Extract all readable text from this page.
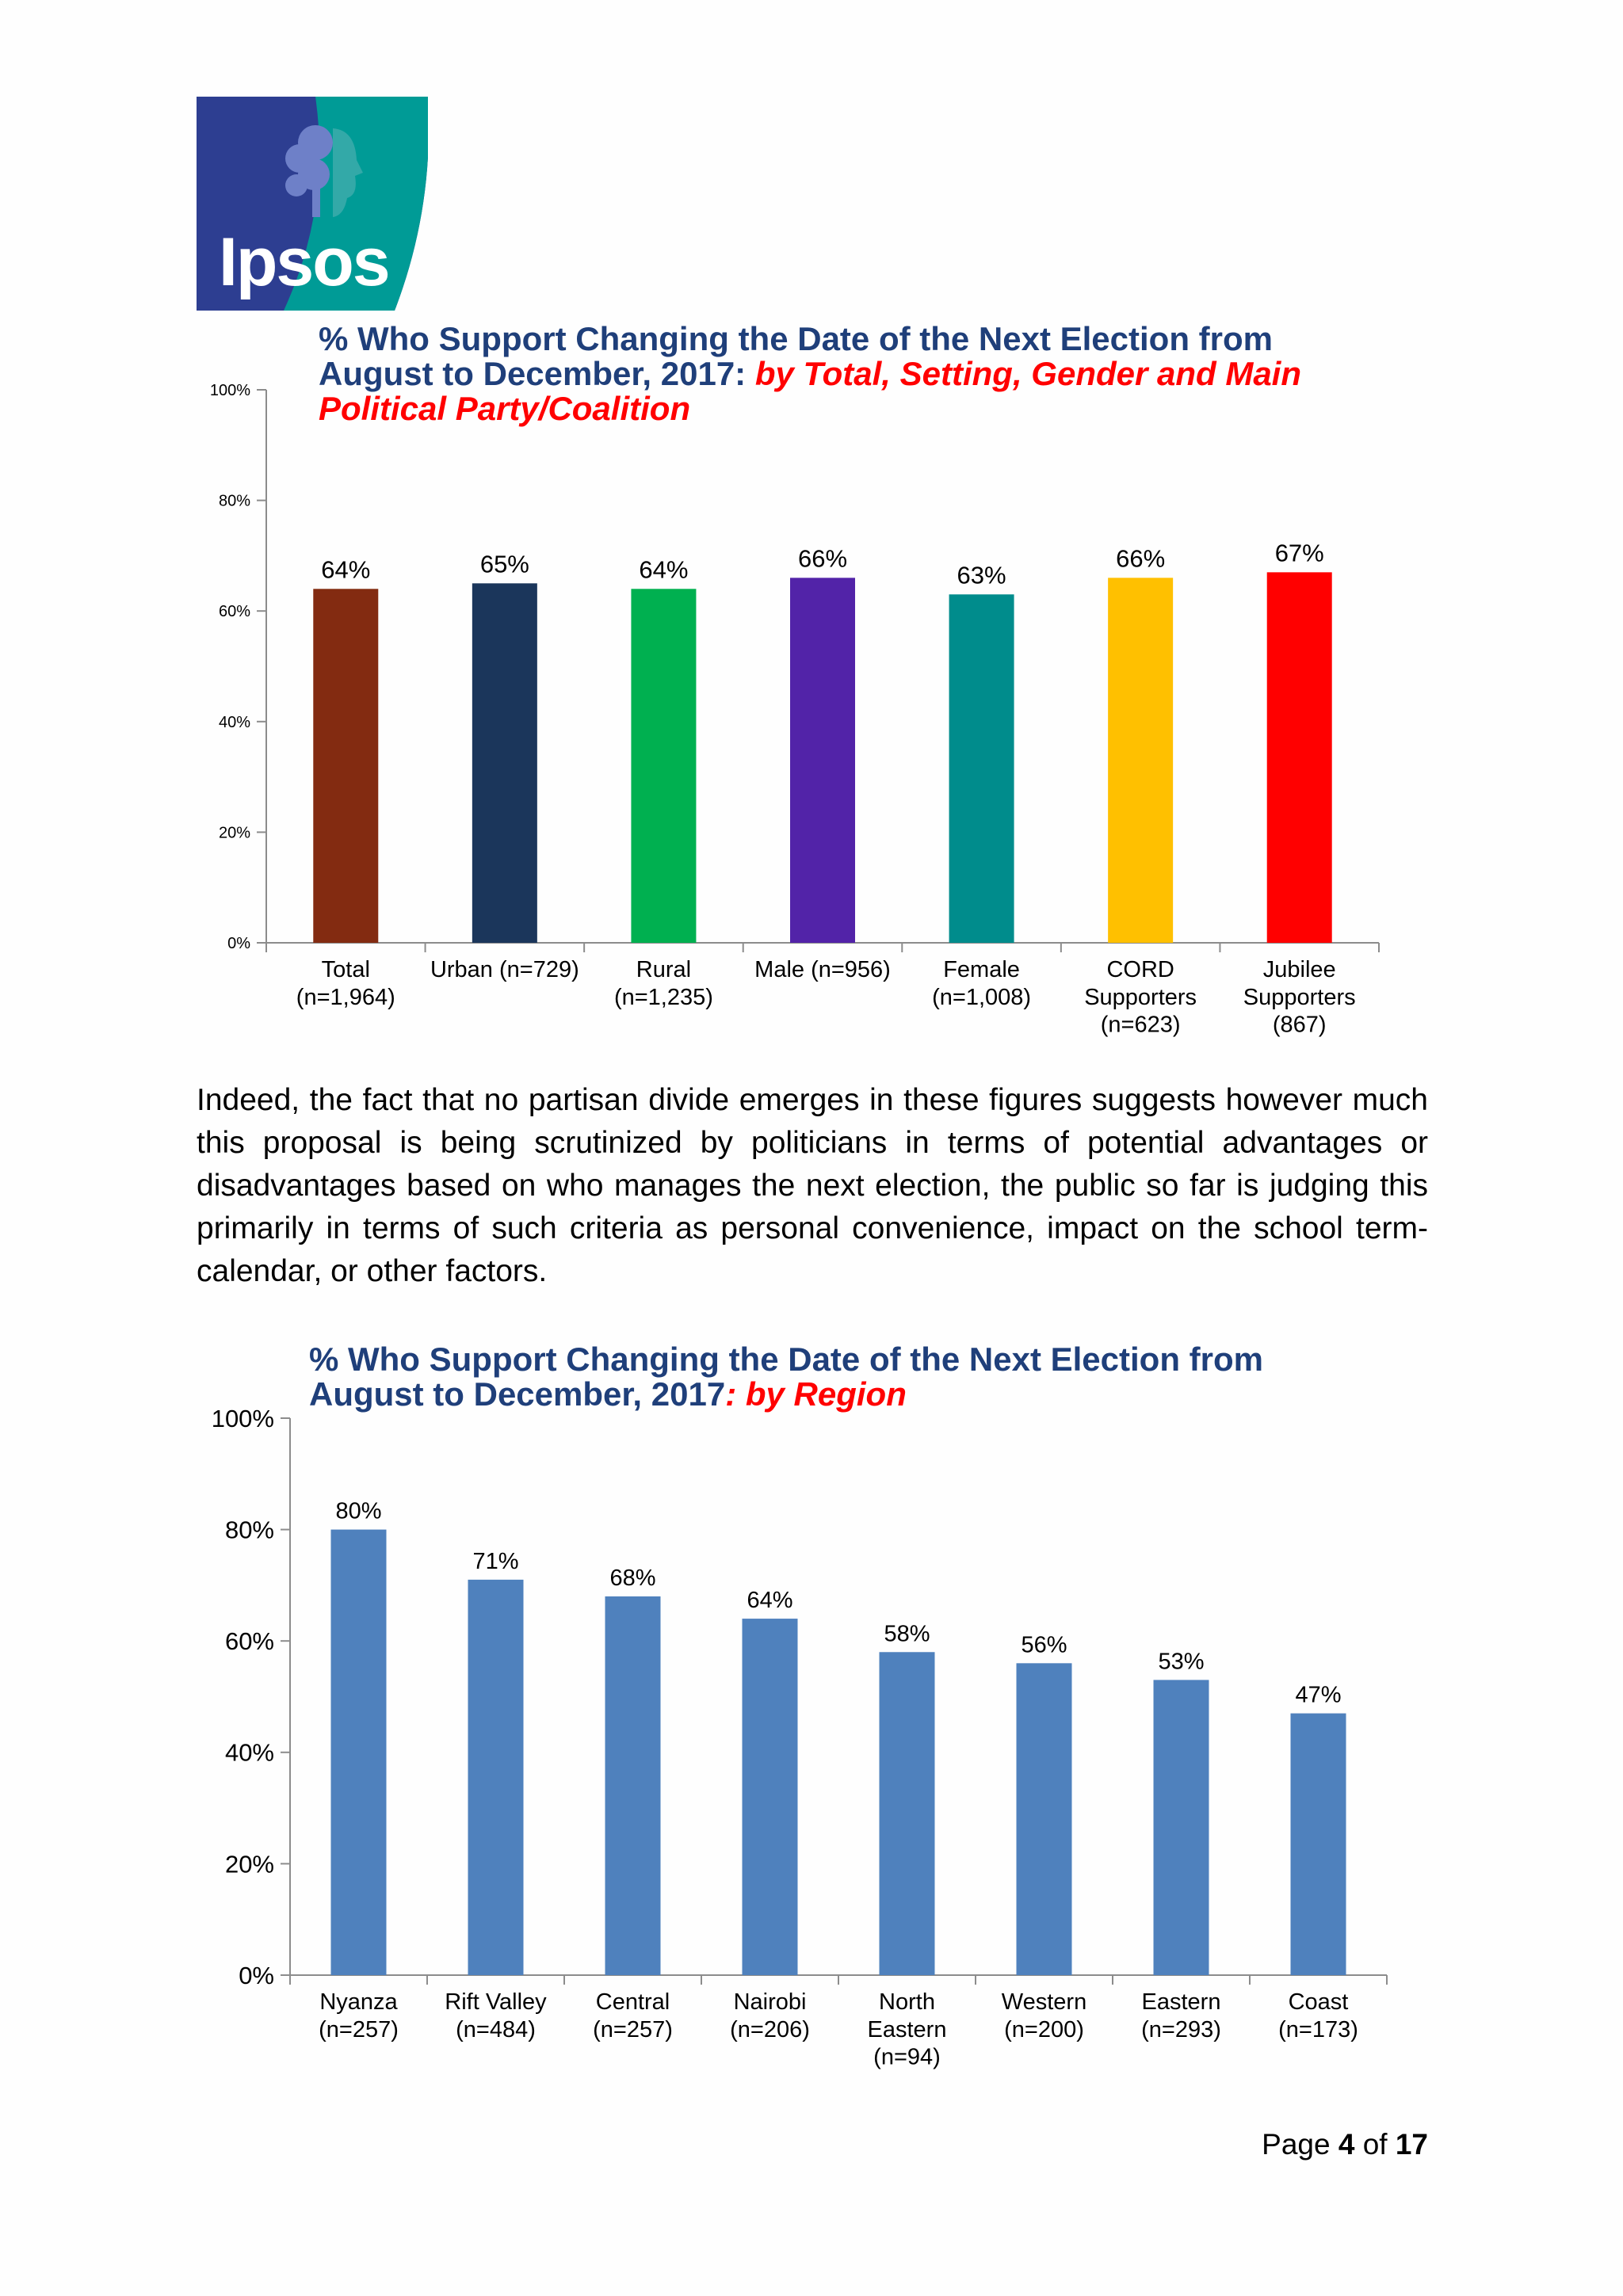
Ipsos

% Who Support Changing the Date of the Next Election from August to December, 2017: by Total, Setting, Gender and Main Political Party/Coalition

0%
20%
40%
60%
80%
100%
64%
Total (n=1,964)
65%
Urban (n=729)
64%
Rural (n=1,235)
66%
Male (n=956)
63%
Female (n=1,008)
66%
CORD Supporters (n=623)
67%
Jubilee Supporters (867)

Indeed, the fact that no partisan divide emerges in these figures suggests however much this proposal is being scrutinized by politicians in terms of potential advantages or disadvantages based on who manages the next election, the public so far is judging this primarily in terms of such criteria as personal convenience, impact on the school term-calendar, or other factors.

% Who Support Changing the Date of the Next Election from August to December, 2017: by Region

0%
20%
40%
60%
80%
100%
80%
Nyanza (n=257)
71%
Rift Valley (n=484)
68%
Central (n=257)
64%
Nairobi (n=206)
58%
North Eastern (n=94)
56%
Western (n=200)
53%
Eastern (n=293)
47%
Coast (n=173)
Page 4 of 17
